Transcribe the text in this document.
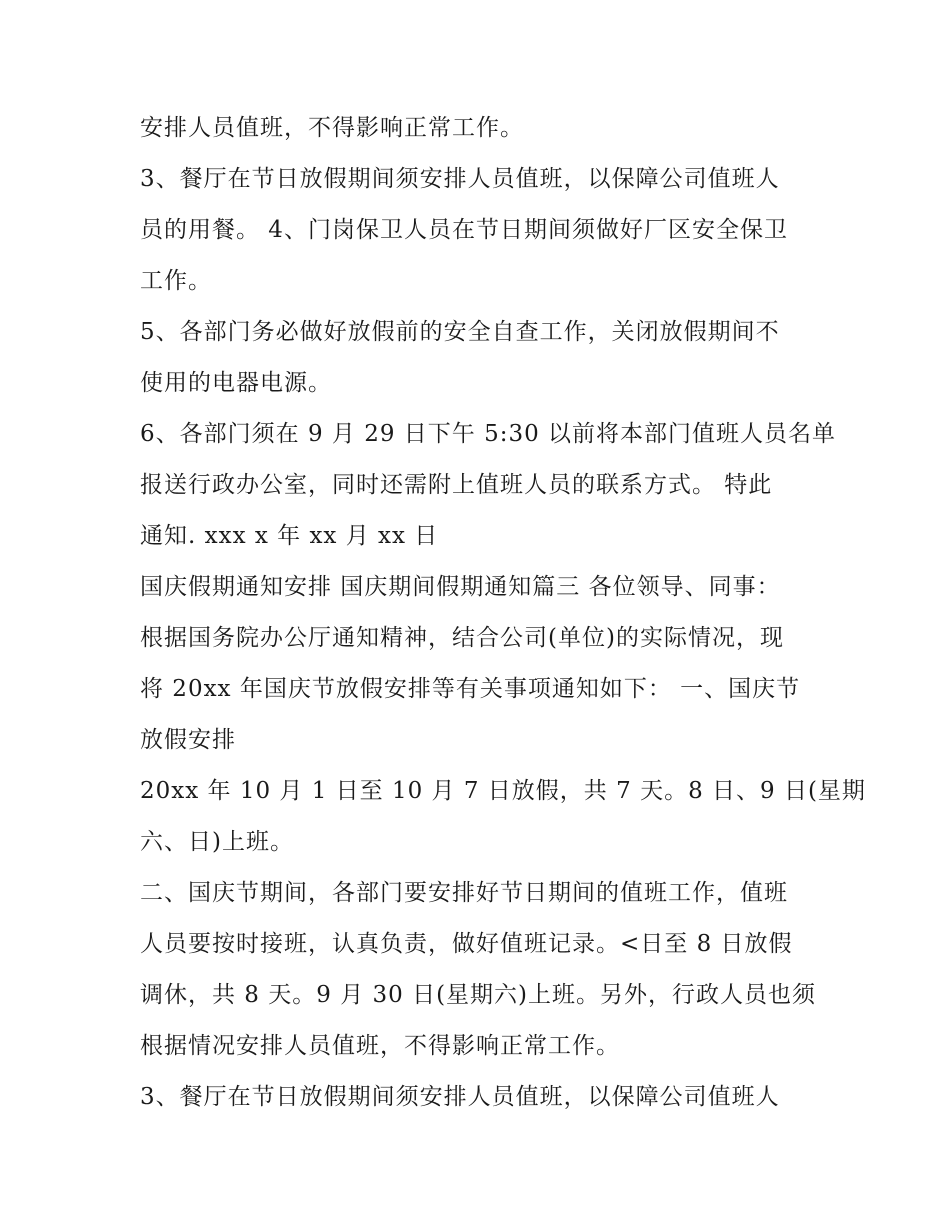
安排人员值班，不得影响正常工作。
3、餐厅在节日放假期间须安排人员值班，以保障公司值班人
员的用餐。 4、门岗保卫人员在节日期间须做好厂区安全保卫
工作。
5、各部门务必做好放假前的安全自查工作，关闭放假期间不
使用的电器电源。
6、各部门须在 9 月 29 日下午 5:30 以前将本部门值班人员名单
报送行政办公室，同时还需附上值班人员的联系方式。 特此
通知. xxx x 年 xx 月 xx 日
国庆假期通知安排 国庆期间假期通知篇三 各位领导、同事：
根据国务院办公厅通知精神，结合公司(单位)的实际情况，现
将 20xx 年国庆节放假安排等有关事项通知如下： 一、国庆节
放假安排
20xx 年 10 月 1 日至 10 月 7 日放假，共 7 天。8 日、9 日(星期
六、日)上班。
二、国庆节期间，各部门要安排好节日期间的值班工作，值班
人员要按时接班，认真负责，做好值班记录。<日至 8 日放假
调休，共 8 天。9 月 30 日(星期六)上班。另外，行政人员也须
根据情况安排人员值班，不得影响正常工作。
3、餐厅在节日放假期间须安排人员值班，以保障公司值班人
